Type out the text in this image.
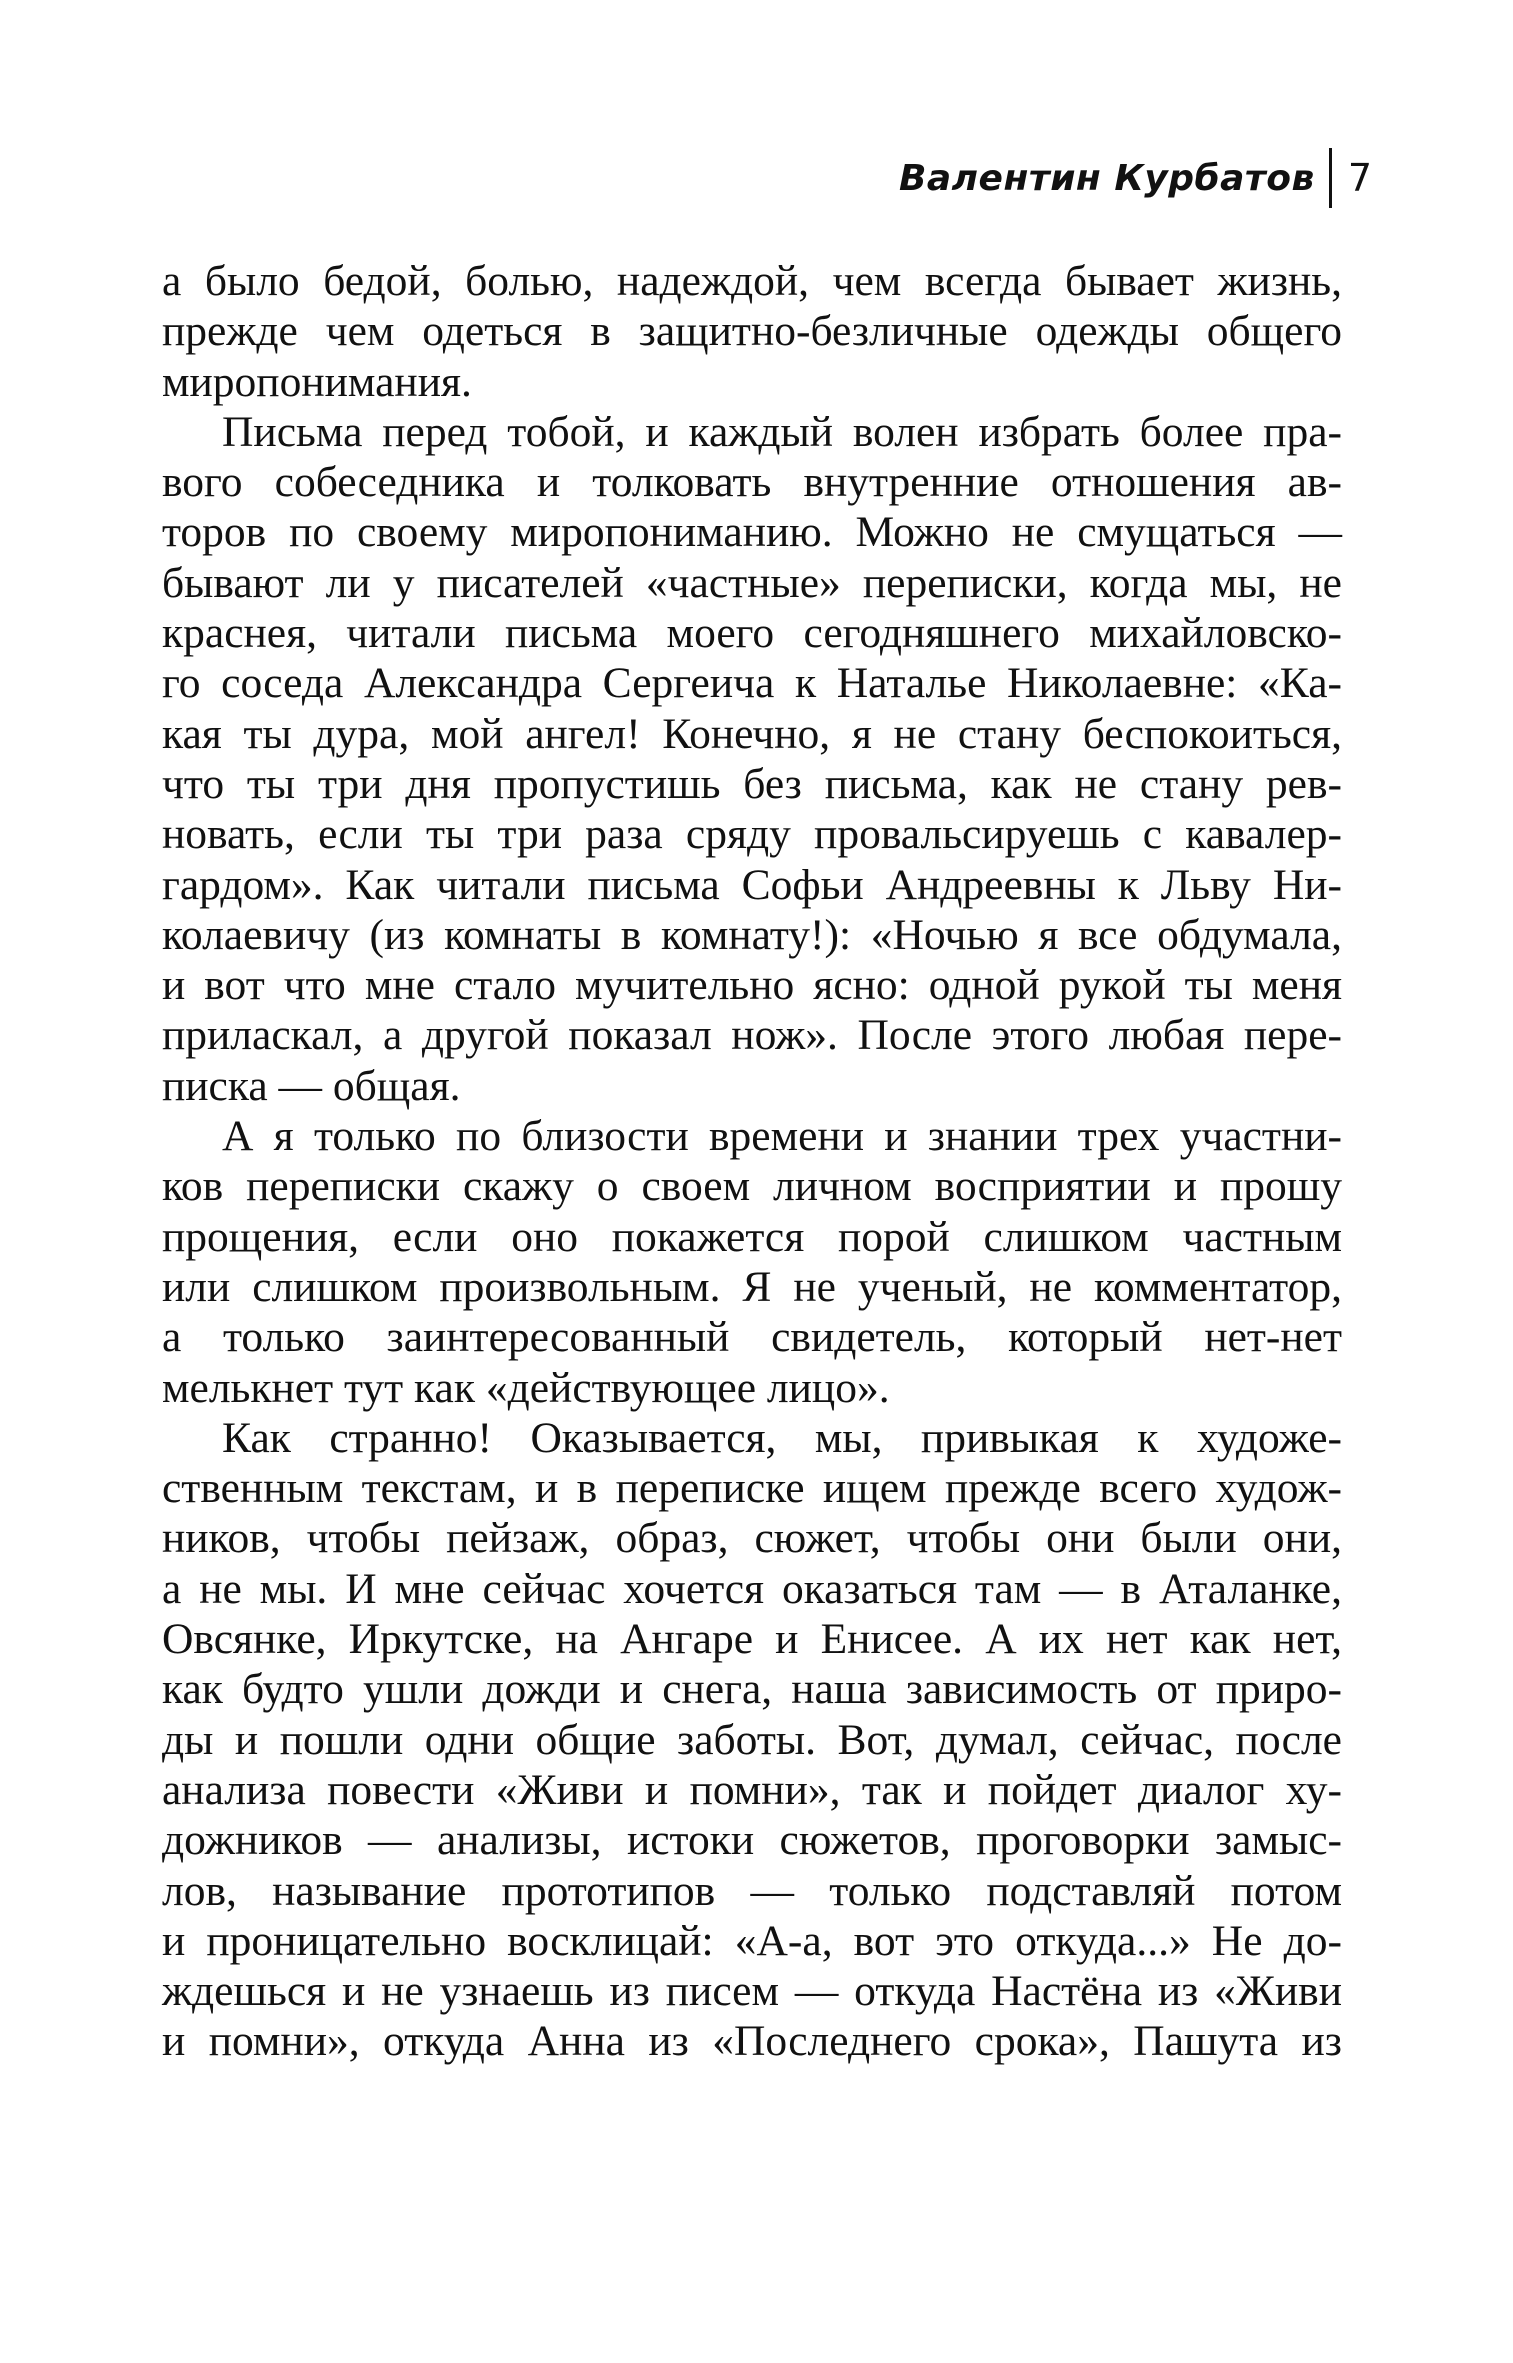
Валентин Курбатов 7
а было бедой, болью, надеждой, чем всегда бывает жизнь,
прежде чем одеться в защитно-безличные одежды общего
миропонимания.
Письма перед тобой, и каждый волен избрать более пра-
вого собеседника и толковать внутренние отношения ав-
торов по своему миропониманию. Можно не смущаться —
бывают ли у писателей «частные» переписки, когда мы, не
краснея, читали письма моего сегодняшнего михайловско-
го соседа Александра Сергеича к Наталье Николаевне: «Ка-
кая ты дура, мой ангел! Конечно, я не стану беспокоиться,
что ты три дня пропустишь без письма, как не стану рев-
новать, если ты три раза сряду провальсируешь с кавалер-
гардом». Как читали письма Софьи Андреевны к Льву Ни-
колаевичу (из комнаты в комнату!): «Ночью я все обдумала,
и вот что мне стало мучительно ясно: одной рукой ты меня
приласкал, а другой показал нож». После этого любая пере-
писка — общая.
А я только по близости времени и знании трех участни-
ков переписки скажу о своем личном восприятии и прошу
прощения, если оно покажется порой слишком частным
или слишком произвольным. Я не ученый, не комментатор,
а только заинтересованный свидетель, который нет-нет
мелькнет тут как «действующее лицо».
Как странно! Оказывается, мы, привыкая к художе-
ственным текстам, и в переписке ищем прежде всего худож-
ников, чтобы пейзаж, образ, сюжет, чтобы они были они,
а не мы. И мне сейчас хочется оказаться там — в Аталанке,
Овсянке, Иркутске, на Ангаре и Енисее. А их нет как нет,
как будто ушли дожди и снега, наша зависимость от приро-
ды и пошли одни общие заботы. Вот, думал, сейчас, после
анализа повести «Живи и помни», так и пойдет диалог ху-
дожников — анализы, истоки сюжетов, проговорки замыс-
лов, называние прототипов — только подставляй потом
и проницательно восклицай: «А-а, вот это откуда...» Не до-
ждешься и не узнаешь из писем — откуда Настёна из «Живи
и помни», откуда Анна из «Последнего срока», Пашута из
